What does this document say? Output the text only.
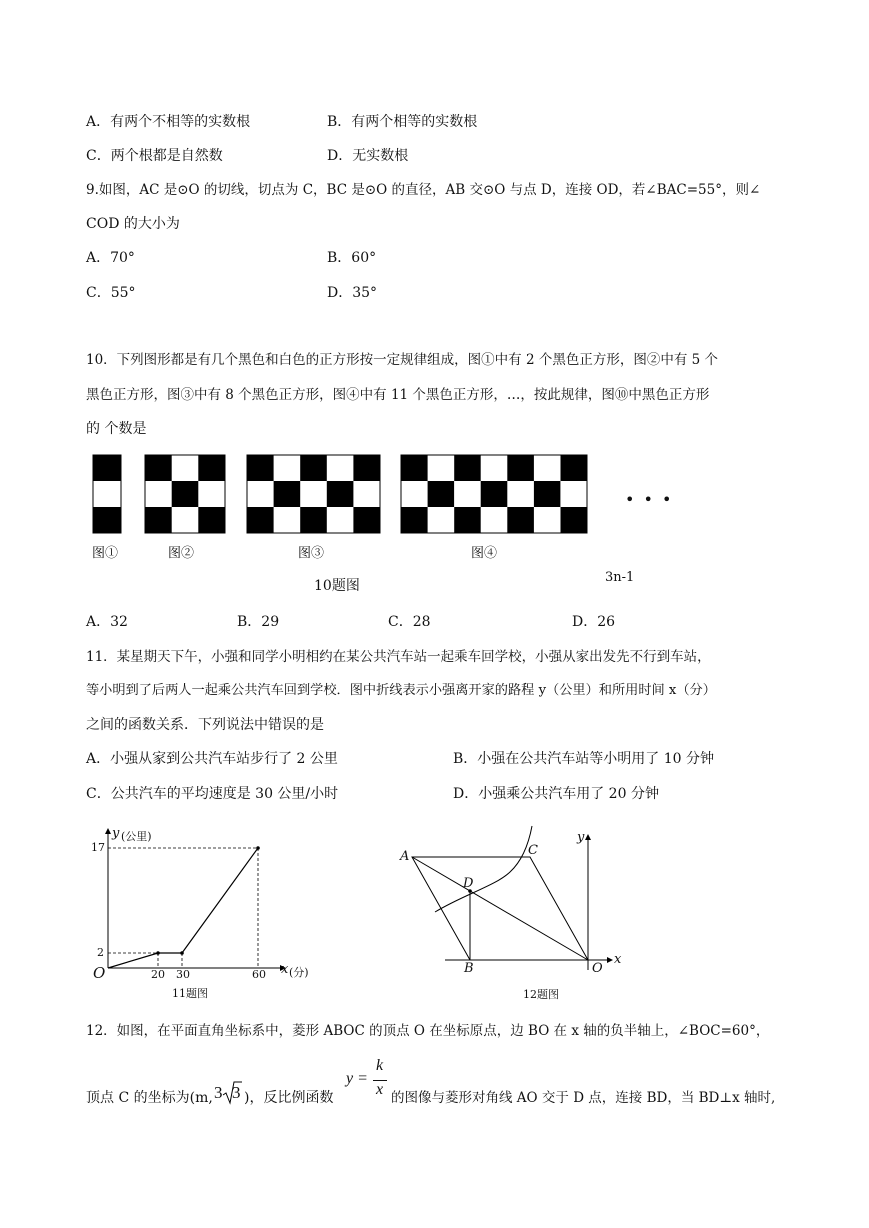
A．有两个不相等的实数根	B．有两个相等的实数根
C．两个根都是自然数	D．无实数根
9.如图，AC 是⊙O 的切线，切点为 C，BC 是⊙O 的直径，AB 交⊙O 与点 D，连接 OD，若∠BAC=55°，则∠
COD 的大小为
A．70°	B．60°
C．55°	D．35°
10．下列图形都是有几个黑色和白色的正方形按一定规律组成，图①中有 2 个黑色正方形，图②中有 5 个
黑色正方形，图③中有 8 个黑色正方形，图④中有 11 个黑色正方形，…，按此规律，图⑩中黑色正方形
的 个数是
• • •
图①	图②	图③	图④
10题图
3n-1
A．32	B．29	C．28	D．26
11．某星期天下午，小强和同学小明相约在某公共汽车站一起乘车回学校，小强从家出发先不行到车站，
等小明到了后两人一起乘公共汽车回到学校．图中折线表示小强离开家的路程 y（公里）和所用时间 x（分）
之间的函数关系．下列说法中错误的是
A．小强从家到公共汽车站步行了 2 公里	B．小强在公共汽车站等小明用了 10 分钟
C．公共汽车的平均速度是 30 公里/小时	D．小强乘公共汽车用了 20 分钟
y (公里)
17
2
O	20 30	60 x (分)
11题图
A	C
D
B	O
x
y
12题图
12．如图，在平面直角坐标系中，菱形 ABOC 的顶点 O 在坐标原点，边 BO 在 x 轴的负半轴上，∠BOC=60°，
顶点 C 的坐标为(m, 3 3 )，反比例函数
y =
k
x 的图像与菱形对角线 AO 交于 D 点，连接 BD，当 BD⊥x 轴时,
